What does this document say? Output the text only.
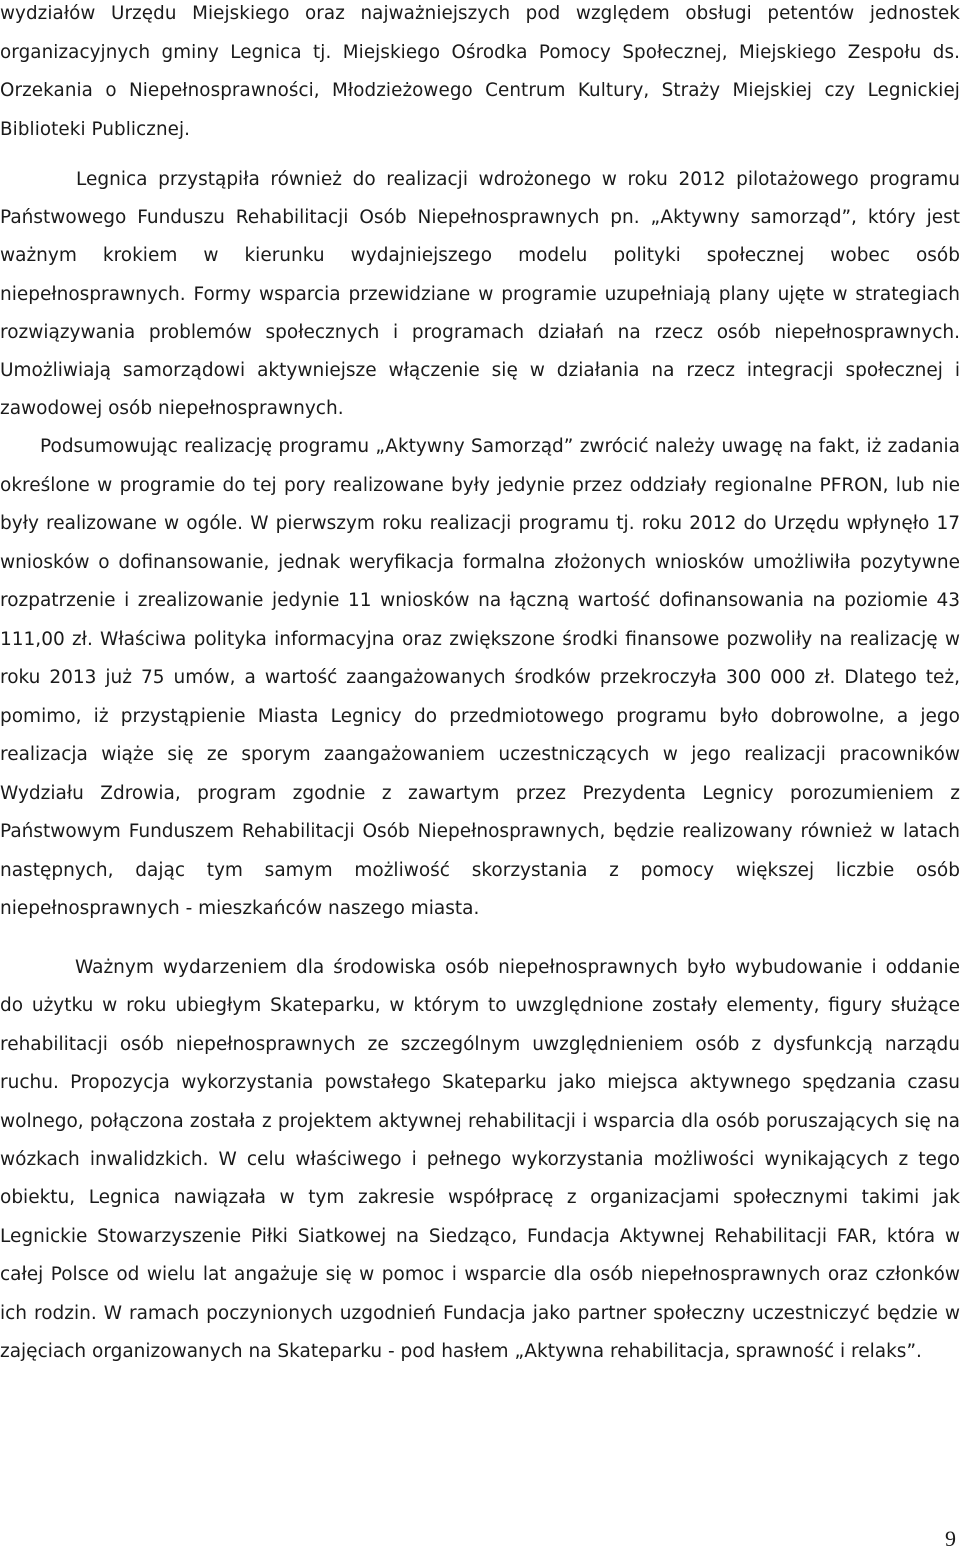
wydziałów Urzędu Miejskiego oraz najważniejszych pod względem obsługi petentów jednostek organizacyjnych gminy Legnica tj. Miejskiego Ośrodka Pomocy Społecznej, Miejskiego Zespołu ds. Orzekania o Niepełnosprawności, Młodzieżowego Centrum Kultury, Straży Miejskiej czy Legnickiej Biblioteki Publicznej.

Legnica przystąpiła również do realizacji wdrożonego w roku 2012 pilotażowego programu Państwowego Funduszu Rehabilitacji Osób Niepełnosprawnych pn. „Aktywny samorząd”, który jest ważnym krokiem w kierunku wydajniejszego modelu polityki społecznej wobec osób niepełnosprawnych. Formy wsparcia przewidziane w programie uzupełniają plany ujęte w strategiach rozwiązywania problemów społecznych i programach działań na rzecz osób niepełnosprawnych. Umożliwiają samorządowi aktywniejsze włączenie się w działania na rzecz integracji społecznej i zawodowej osób niepełnosprawnych.

Podsumowując realizację programu „Aktywny Samorząd” zwrócić należy uwagę na fakt, iż zadania określone w programie do tej pory realizowane były jedynie przez oddziały regionalne PFRON, lub nie były realizowane w ogóle. W pierwszym roku realizacji programu tj. roku 2012 do Urzędu wpłynęło 17 wniosków o dofinansowanie, jednak weryfikacja formalna złożonych wniosków umożliwiła pozytywne rozpatrzenie i zrealizowanie jedynie 11 wniosków na łączną wartość dofinansowania na poziomie 43 111,00 zł. Właściwa polityka informacyjna oraz zwiększone środki finansowe pozwoliły na realizację w roku 2013 już 75 umów, a wartość zaangażowanych środków przekroczyła 300 000 zł. Dlatego też, pomimo, iż przystąpienie Miasta Legnicy do przedmiotowego programu było dobrowolne, a jego realizacja wiąże się ze sporym zaangażowaniem uczestniczących w jego realizacji pracowników Wydziału Zdrowia, program zgodnie z zawartym przez Prezydenta Legnicy porozumieniem z Państwowym Funduszem Rehabilitacji Osób Niepełnosprawnych, będzie realizowany również w latach następnych, dając tym samym możliwość skorzystania z pomocy większej liczbie osób niepełnosprawnych - mieszkańców naszego miasta.

Ważnym wydarzeniem dla środowiska osób niepełnosprawnych było wybudowanie i oddanie do użytku w roku ubiegłym Skateparku, w którym to uwzględnione zostały elementy, figury służące rehabilitacji osób niepełnosprawnych ze szczególnym uwzględnieniem osób z dysfunkcją narządu ruchu. Propozycja wykorzystania powstałego Skateparku jako miejsca aktywnego spędzania czasu wolnego, połączona została z projektem aktywnej rehabilitacji i wsparcia dla osób poruszających się na wózkach inwalidzkich. W celu właściwego i pełnego wykorzystania możliwości wynikających z tego obiektu, Legnica nawiązała w tym zakresie współpracę z organizacjami społecznymi takimi jak Legnickie Stowarzyszenie Piłki Siatkowej na Siedząco, Fundacja Aktywnej Rehabilitacji FAR, która w całej Polsce od wielu lat angażuje się w pomoc i wsparcie dla osób niepełnosprawnych oraz członków ich rodzin. W ramach poczynionych uzgodnień Fundacja jako partner społeczny uczestniczyć będzie w zajęciach organizowanych na Skateparku - pod hasłem „Aktywna rehabilitacja, sprawność i relaks”.

9
